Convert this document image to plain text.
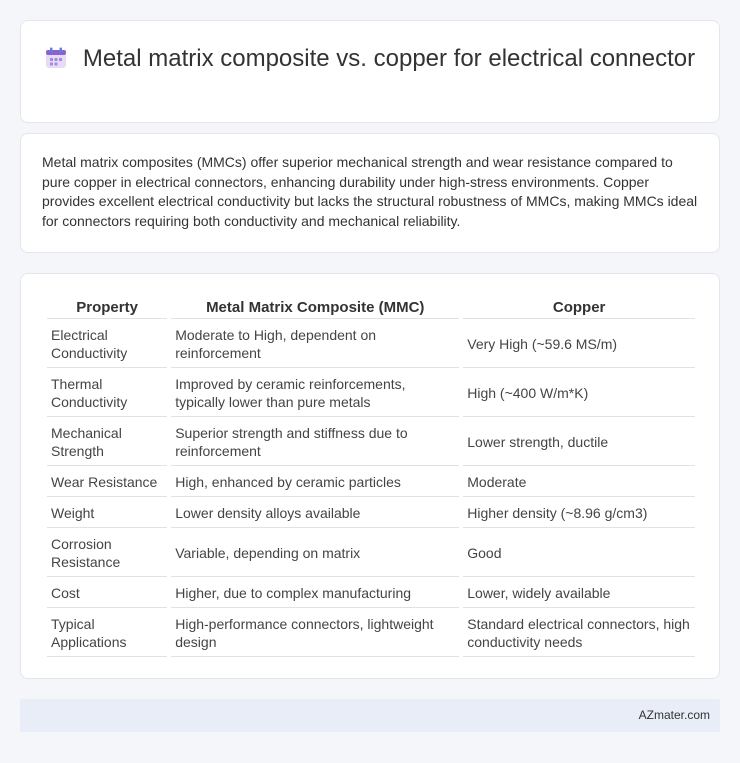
Metal matrix composite vs. copper for electrical connector

Metal matrix composites (MMCs) offer superior mechanical strength and wear resistance compared to pure copper in electrical connectors, enhancing durability under high-stress environments. Copper provides excellent electrical conductivity but lacks the structural robustness of MMCs, making MMCs ideal for connectors requiring both conductivity and mechanical reliability.

Property	Metal Matrix Composite (MMC)	Copper
Electrical Conductivity	Moderate to High, dependent on reinforcement	Very High (~59.6 MS/m)
Thermal Conductivity	Improved by ceramic reinforcements, typically lower than pure metals	High (~400 W/m*K)
Mechanical Strength	Superior strength and stiffness due to reinforcement	Lower strength, ductile
Wear Resistance	High, enhanced by ceramic particles	Moderate
Weight	Lower density alloys available	Higher density (~8.96 g/cm3)
Corrosion Resistance	Variable, depending on matrix	Good
Cost	Higher, due to complex manufacturing	Lower, widely available
Typical Applications	High-performance connectors, lightweight design	Standard electrical connectors, high conductivity needs
AZmater.com
